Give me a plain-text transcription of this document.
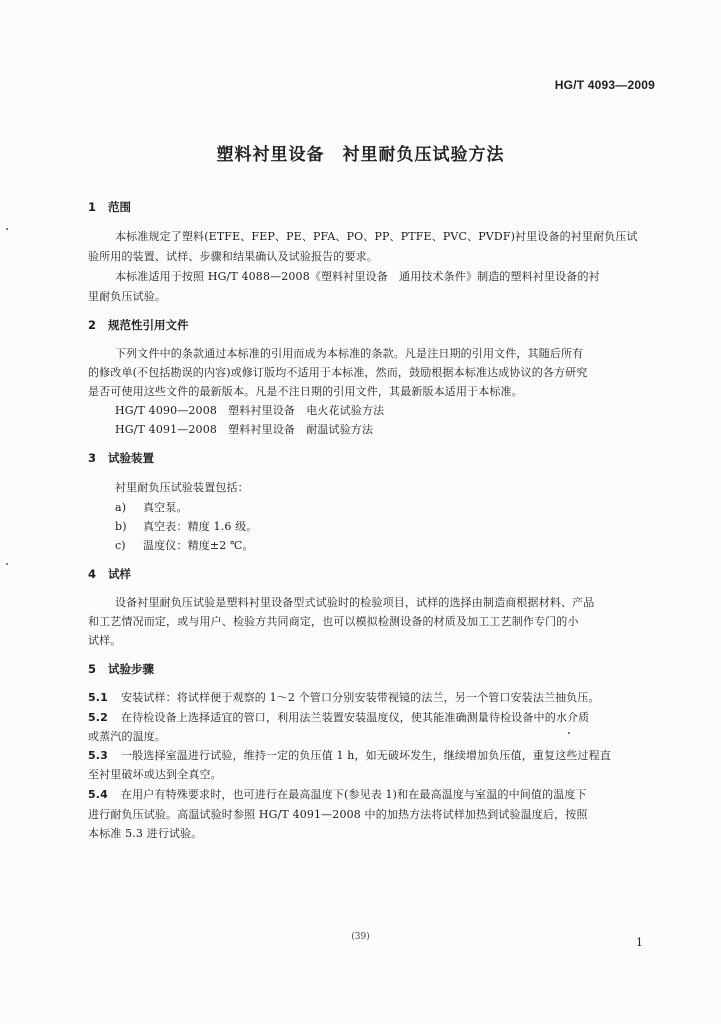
HG/T 4093—2009
塑料衬里设备　衬里耐负压试验方法
1 范围
本标准规定了塑料(ETFE、FEP、PE、PFA、PO、PP、PTFE、PVC、PVDF)衬里设备的衬里耐负压试
验所用的装置、试样、步骤和结果确认及试验报告的要求。
本标准适用于按照 HG/T 4088—2008《塑料衬里设备　通用技术条件》制造的塑料衬里设备的衬
里耐负压试验。
2 规范性引用文件
下列文件中的条款通过本标准的引用而成为本标准的条款。凡是注日期的引用文件，其随后所有
的修改单(不包括勘误的内容)或修订版均不适用于本标准，然而，鼓励根据本标准达成协议的各方研究
是否可使用这些文件的最新版本。凡是不注日期的引用文件，其最新版本适用于本标准。
HG/T 4090—2008　塑料衬里设备　电火花试验方法
HG/T 4091—2008　塑料衬里设备　耐温试验方法
3 试验装置
衬里耐负压试验装置包括：
a) 真空泵。
b) 真空表：精度 1.6 级。
c) 温度仪：精度±2 ℃。
4 试样
设备衬里耐负压试验是塑料衬里设备型式试验时的检验项目，试样的选择由制造商根据材料、产品
和工艺情况而定，或与用户、检验方共同商定，也可以模拟检测设备的材质及加工工艺制作专门的小
试样。
5 试验步骤
5.1 安装试样：将试样便于观察的 1～2 个管口分别安装带视镜的法兰，另一个管口安装法兰抽负压。
5.2 在待检设备上选择适宜的管口，利用法兰装置安装温度仪，使其能准确测量待检设备中的水介质
或蒸汽的温度。
5.3 一般选择室温进行试验，维持一定的负压值 1 h，如无破坏发生，继续增加负压值，重复这些过程直
至衬里破坏或达到全真空。
5.4 在用户有特殊要求时，也可进行在最高温度下(参见表 1)和在最高温度与室温的中间值的温度下
进行耐负压试验。高温试验时参照 HG/T 4091—2008 中的加热方法将试样加热到试验温度后，按照
本标准 5.3 进行试验。
(39)	1
